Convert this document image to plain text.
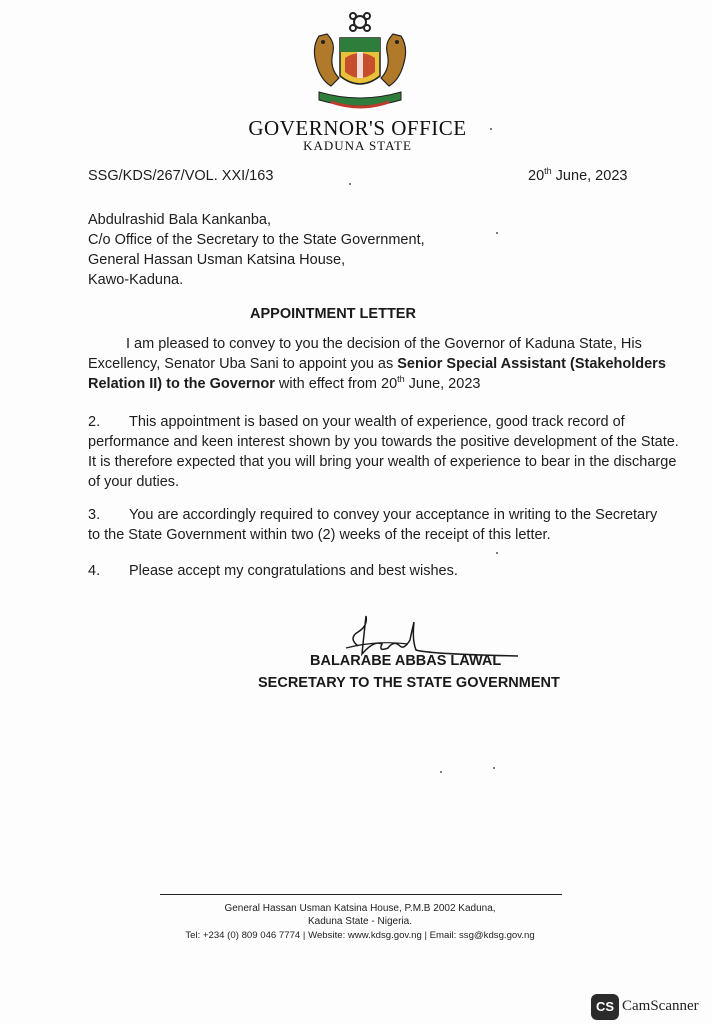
GOVERNOR'S OFFICE
KADUNA STATE
SSG/KDS/267/VOL. XXI/163	20th June, 2023
Abdulrashid Bala Kankanba,
C/o Office of the Secretary to the State Government,
General Hassan Usman Katsina House,
Kawo-Kaduna.
APPOINTMENT LETTER
I am pleased to convey to you the decision of the Governor of Kaduna State, His
Excellency, Senator Uba Sani to appoint you as Senior Special Assistant (Stakeholders
Relation II) to the Governor with effect from 20th June, 2023
2. This appointment is based on your wealth of experience, good track record of
performance and keen interest shown by you towards the positive development of the State.
It is therefore expected that you will bring your wealth of experience to bear in the discharge
of your duties.
3. You are accordingly required to convey your acceptance in writing to the Secretary
to the State Government within two (2) weeks of the receipt of this letter.
4. Please accept my congratulations and best wishes.
BALARABE ABBAS LAWAL
SECRETARY TO THE STATE GOVERNMENT
General Hassan Usman Katsina House, P.M.B 2002 Kaduna,
Kaduna State - Nigeria.
Tel: +234 (0) 809 046 7774 | Website: www.kdsg.gov.ng | Email: ssg@kdsg.gov.ng
CS CamScanner
